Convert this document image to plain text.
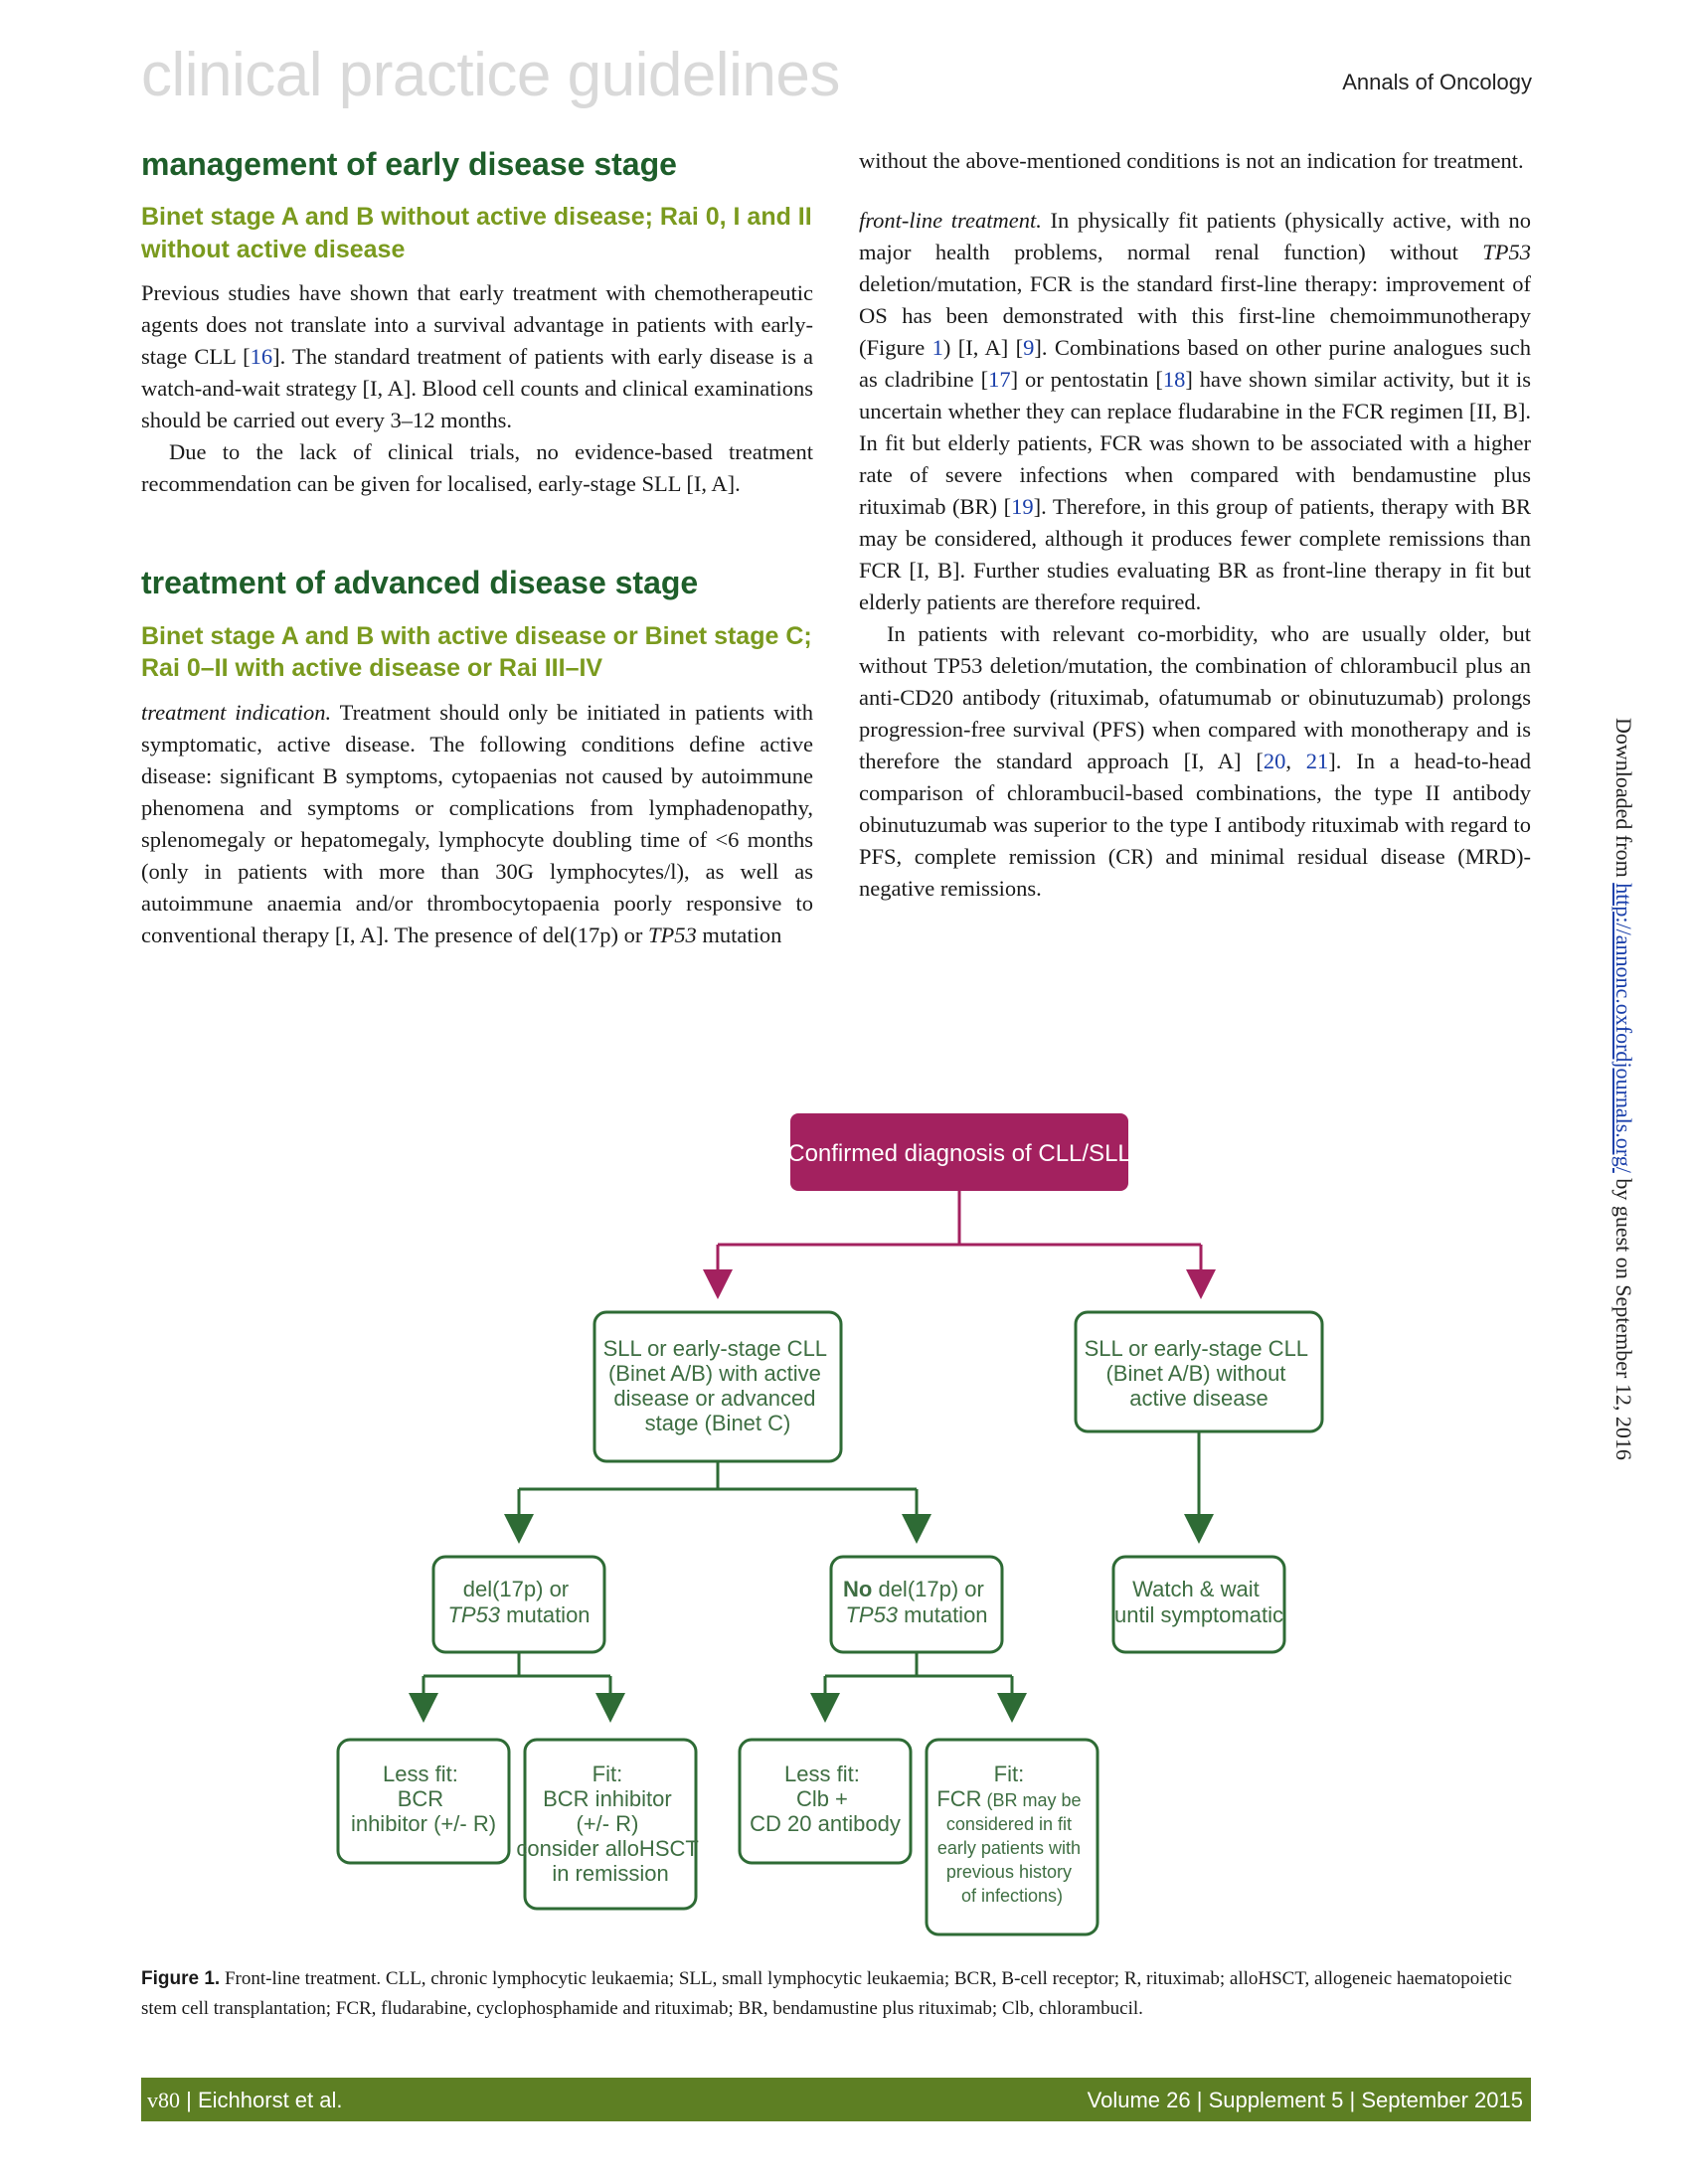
clinical practice guidelines	Annals of Oncology
management of early disease stage
Binet stage A and B without active disease; Rai 0, I and II without active disease

Previous studies have shown that early treatment with chemotherapeutic agents does not translate into a survival advantage in patients with early-stage CLL [16]. The standard treatment of patients with early disease is a watch-and-wait strategy [I, A]. Blood cell counts and clinical examinations should be carried out every 3–12 months.

Due to the lack of clinical trials, no evidence-based treatment recommendation can be given for localised, early-stage SLL [I, A].

treatment of advanced disease stage
Binet stage A and B with active disease or Binet stage C; Rai 0–II with active disease or Rai III–IV

treatment indication. Treatment should only be initiated in patients with symptomatic, active disease. The following conditions define active disease: significant B symptoms, cytopaenias not caused by autoimmune phenomena and symptoms or complications from lymphadenopathy, splenomegaly or hepatomegaly, lymphocyte doubling time of <6 months (only in patients with more than 30G lymphocytes/l), as well as autoimmune anaemia and/or thrombocytopaenia poorly responsive to conventional therapy [I, A]. The presence of del(17p) or TP53 mutation

without the above-mentioned conditions is not an indication for treatment.

front-line treatment. In physically fit patients (physically active, with no major health problems, normal renal function) without TP53 deletion/mutation, FCR is the standard first-line therapy: improvement of OS has been demonstrated with this first-line chemoimmunotherapy (Figure 1) [I, A] [9]. Combinations based on other purine analogues such as cladribine [17] or pentostatin [18] have shown similar activity, but it is uncertain whether they can replace fludarabine in the FCR regimen [II, B]. In fit but elderly patients, FCR was shown to be associated with a higher rate of severe infections when compared with bendamustine plus rituximab (BR) [19]. Therefore, in this group of patients, therapy with BR may be considered, although it produces fewer complete remissions than FCR [I, B]. Further studies evaluating BR as front-line therapy in fit but elderly patients are therefore required.

In patients with relevant co-morbidity, who are usually older, but without TP53 deletion/mutation, the combination of chlorambucil plus an anti-CD20 antibody (rituximab, ofatumumab or obinutuzumab) prolongs progression-free survival (PFS) when compared with monotherapy and is therefore the standard approach [I, A] [20, 21]. In a head-to-head comparison of chlorambucil-based combinations, the type II antibody obinutuzumab was superior to the type I antibody rituximab with regard to PFS, complete remission (CR) and minimal residual disease (MRD)-negative remissions.

Downloaded from http://annonc.oxfordjournals.org/ by guest on September 12, 2016
Confirmed diagnosis of CLL/SLL
SLL or early-stage CLL (Binet A/B) with active disease or advanced stage (Binet C)
SLL or early-stage CLL (Binet A/B) without active disease
del(17p) or TP53 mutation
No del(17p) or TP53 mutation
Watch & wait until symptomatic
Less fit: BCR inhibitor (+/- R)
Fit: BCR inhibitor (+/- R) consider alloHSCT in remission
Less fit: Clb + CD 20 antibody
Fit: FCR (BR may be considered in fit early patients with previous history of infections)
Figure 1. Front-line treatment. CLL, chronic lymphocytic leukaemia; SLL, small lymphocytic leukaemia; BCR, B-cell receptor; R, rituximab; alloHSCT, allogeneic haematopoietic stem cell transplantation; FCR, fludarabine, cyclophosphamide and rituximab; BR, bendamustine plus rituximab; Clb, chlorambucil.
v80 | Eichhorst et al.	Volume 26 | Supplement 5 | September 2015
